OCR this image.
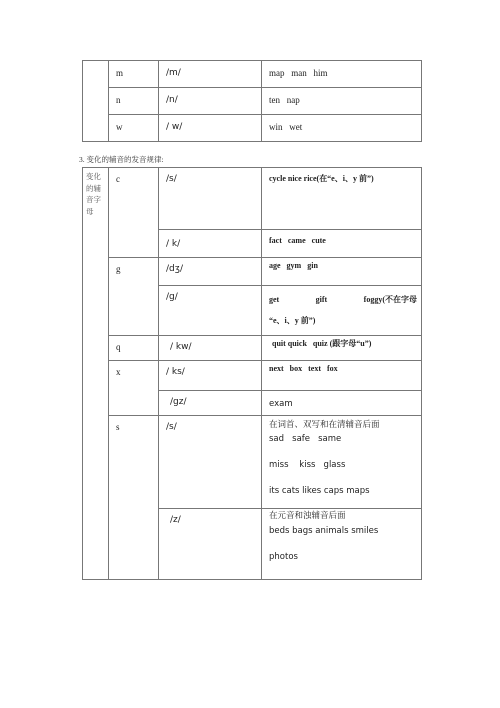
	m	/m/	map   man   him
	n	/n/	ten   nap
	w	/ w/	win   wet
3. 变化的辅音的发音规律:
变化
的辅
音字
母	c	/s/	cycle nice rice(在“e、i、y 前”)
		/ k/	fact   came   cute
	g	/dʒ/	age   gym   gin
		/g/	get gift foggy(不在字母
“e、i、y 前”)

	q	/ kw/	quit quick   quiz (跟字母“u”)
	x	/ ks/	next   box   text   fox
		/gz/	exam
	s	/s/	在词首、双写和在清辅音后面
sad   safe   same
miss    kiss   glass
its cats likes caps maps

		/z/	在元音和浊辅音后面
beds bags animals smiles
photos
